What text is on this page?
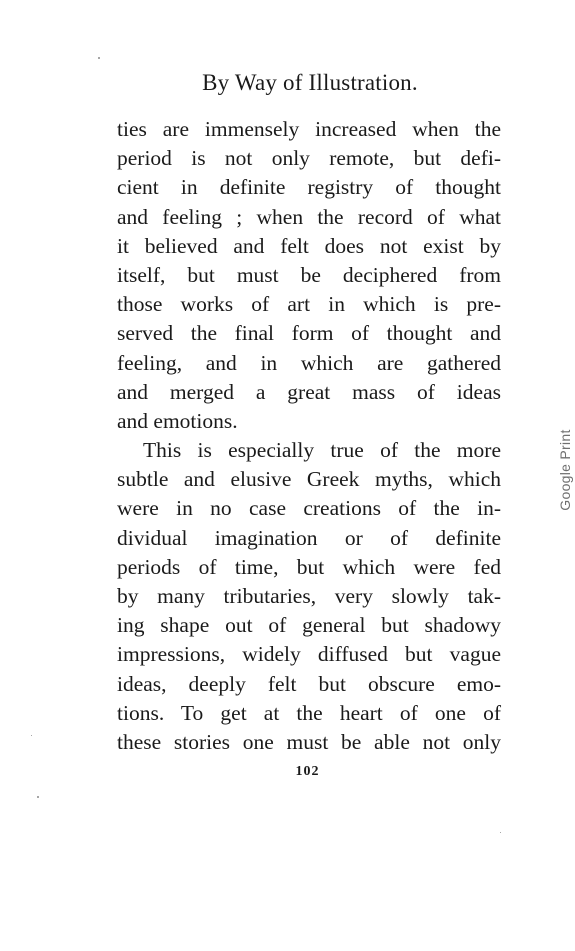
By Way of Illustration.
ties are immensely increased when the
period is not only remote, but defi-
cient in definite registry of thought
and feeling ; when the record of what
it believed and felt does not exist by
itself, but must be deciphered from
those works of art in which is pre-
served the final form of thought and
feeling, and in which are gathered
and merged a great mass of ideas
and emotions.
This is especially true of the more
subtle and elusive Greek myths, which
were in no case creations of the in-
dividual imagination or of definite
periods of time, but which were fed
by many tributaries, very slowly tak-
ing shape out of general but shadowy
impressions, widely diffused but vague
ideas, deeply felt but obscure emo-
tions. To get at the heart of one of
these stories one must be able not only
102
Google Print
